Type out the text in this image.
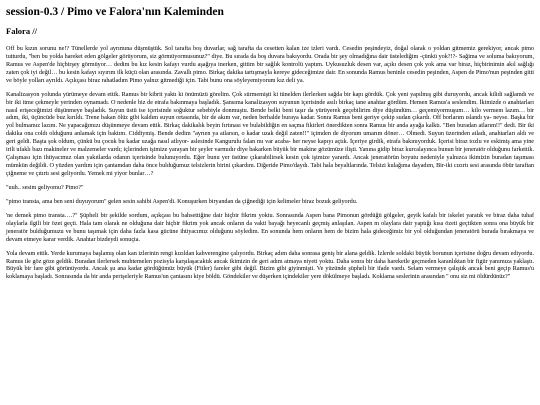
session-0.3 / Pimo ve Falora'nın Kaleminden
Falora //

Off bu kızın sorunu ne!? Tünellerde yol ayrımına düşmüştük. Sol tarafta boş duvarlar, sağ tarafta da cesetten kalan ize izleri vardı. Cesedin peşindeyiz, doğal olarak o yoldan gitmemiz gerekiyor, ancak pimo tutturdu, "ben bu yolda hareket eden gölgeler görüyorum, siz görmüyormusunuz?" diye. Bu sırada da boş duvara bakıyordu. Orada bir şey olmadığına dair üstelediğim -çünkü yok?!?- Sağima ve soluma bakıyorum, Ramus ve Aspen'de hiçbirşey görmüyor… dedim bu kız kesin kafayı vurdu aşağıya inerken, gittim bir sağlık kontrolü yaptım. Uykusuzluk desen var, açıkı desen çok yok ama var biraz, hiçbirinimin akıl sağlığı zaten çok iyi değil… bu kesin kafayı sıyırım ilk küçü olan arasında. Zavallı pimo. Birkaç dakika tartışmayla kereye gideceğimize dair. En sonunda Ramus beninle cesedin peşinden, Aspen de Pimo'nun peşinden gitti ve böyle yolları ayrıldı. Açıkçası biraz rahatladım Pimo yalnız gitmediği için. Tabi bunu ona söyleyemiyorum kız deli ya.

Kanalizasyon yolunda yürümeye devam ettik. Ramus bir kibrit yaktı ki önümüzü görelim. Çok sürmemişti ki tünelden ilerlerken sağda bir kapı gördük. Çok yeni yapılmış gibi duruyordu, ancak kilidi sağlamdı ve bir iki itme çekmeyle yerinden oynamadı. O nedenle biz de etrafa bakınmaya başladık. Şansıma kanalizasyon suyunun içerisinde asılı birkaç tane anahtar gördüm. Hemen Ramus'a seslendim. İkimizde o anahtarları nasıl erişeceğimizi düşünmeye başladık. Suyun üstü ise içerisinde soğuktur sebebiyle donmuştu. Bende belki beni taşır da yürüyerek geçebilirim diye düşündüm… geçemiyormuşum… kilo vermem lazım… bir adım, iki, üçüncüde buz kırıldı. Trene bakan ölüz gibi kaldım suyun ortasında, bir de akım var, neden berhalde buraya kadar. Sonra Ramus beni geriye çekip sudan çıkardı. Off borlarım ıslandı ya- neyse. Başka bir yol bulmamız lazım. Ne yapacağımızı düşünmeye devam ettik. Birkaç dakikalık beyin fırtınası ve bulabildiğin en saçma fikirleri önerdikten sonra Ramus bir anda ayağa kalktı. "Ben buradan atlarım!!" dedi. Bir iki dakika ona coldı olduğunu anlamak için baktım. Ciddiymiş. Bende dedim "ayrıen ya atlarsın, o kadar uzak değil zaten!!" içimden de diyorum umarım döner… Olmedi. Suyun üzerinden atladı, anahtarları aldı ve geri geldi. Başta şok oldum, çünkü bu çocuk bu kadar uzağa nasıl atlıyor- aslesinde Kangurulu falan mı var acaba- her neyse kapıyı açtık. İçeriye girdik, etrafa bakınıyorduk. İçerisi biraz tozlu ve eskimiş ama yine irili ufaklı bazı makineler ve malzemeler vardı; içlerinden işimize yarayan bir şeyler varmıdır diye bakarken büyük bir makine gözümüze ilişti. Yanına gidip biraz kurcalayınca bunun bir jeneratör olduğunu farkettik. Çalışması için ihtiyacımız olan yakıtlarda odanın içerisinde bulunuyordu. Eğer bunu yer üstüne çıkarabilirsek kesin çok işimize yarardı. Ancak jeneratörün boyutu nedeniyle yalnızca ikimizin buradan taşıması mümkün değildi. O yüzden yardım için çantamdan daha önce bulduğumuz telsizlerin birini çıkardım. Diğeride Pimo'daydı. Tabi hala beyaltlarında. Telsizi kulağıma dayadım, Bir-iki cızırtı sesi arasında öbür taraftan çiğneme ve çıtırtı sesi geliyordu. Yemek mi yiyor bunlar…?

"uuh.. sesim geliyomu? Pimo?"

"pimo transta, ama ben seni duyuyorum" gelen sesin sahibi Aspen'di. Konuşurken biryandan da çiğnediği için kelimeler biraz bozuk geliyordu.

'ne demek pimo transta….?" Şüpheli bir şekilde sordum, açıkçası bu bahsettiğine dair hiçbir fikrim yoktu. Sonrasında Aspen bana Pimonun gördüğü gölgeler, geyik kafalı bir iskelet yaratık ve biraz daha tuhaf olaylarla ilgili bir özet geçti. Hala tam olarak ne olduğuna dair hiçbir fikrim yok ancak onların da vakti bayağı heyecanlı geçmiş anlaşılan. Aspen m olaylara dair yaptığı kısa özeti geçtikten sonra ona büyük bir jeneratör bulduğumuzu ve bunu taşımak için daha fazla kasa gücüne ihtiyacımız olduğunu söyledim. En sonunda hem onların hem de bizim hala gideceğimiz bir yol olduğundan jeneratörü burada bırakmaya ve devam etmeye karar verdik. Anahtar bizdeydi sonuçta.

Yola devam ettik. Yerde kurumaya başlamış olan kan izlerinin rengi kızıldan kahverengine çalıyordu. Birkaç adım daha sonrasa geniş bir alana geldik. İzlerde soldaki büyük borunun içerisine doğru devam ediyordu. Ramus ile göz göze geldik. Buradan ilerlersek muhtemelen pozisyla karşılaşacaktık ancak ikimizin de geri adım atmaya niyeti yoktu. Daha sonra bir daha hareketle geçmeden karanlıktan bir figür yanımıza yaklaştı. Büyük bir fare gibi görünüyordu. Ancak şu ana kadar gördüğümüz büyük (Fitler) fareler gibi değil. Bizim gibi giyinmişti. Ve yüzünde şüpheli bir ifade vardı. Selam vermeye çalıştık ancak beni geçip Ramus'u koklamaya başladı. Sonrasında da bir anda perişeleriyle Ramus'un çantasını kiye böldü. Göndekiler ve düşerken içindekiler yere dökülmeye başladı. Koklama seslerinin arasından '' onu siz mi öldürdünüz?''
